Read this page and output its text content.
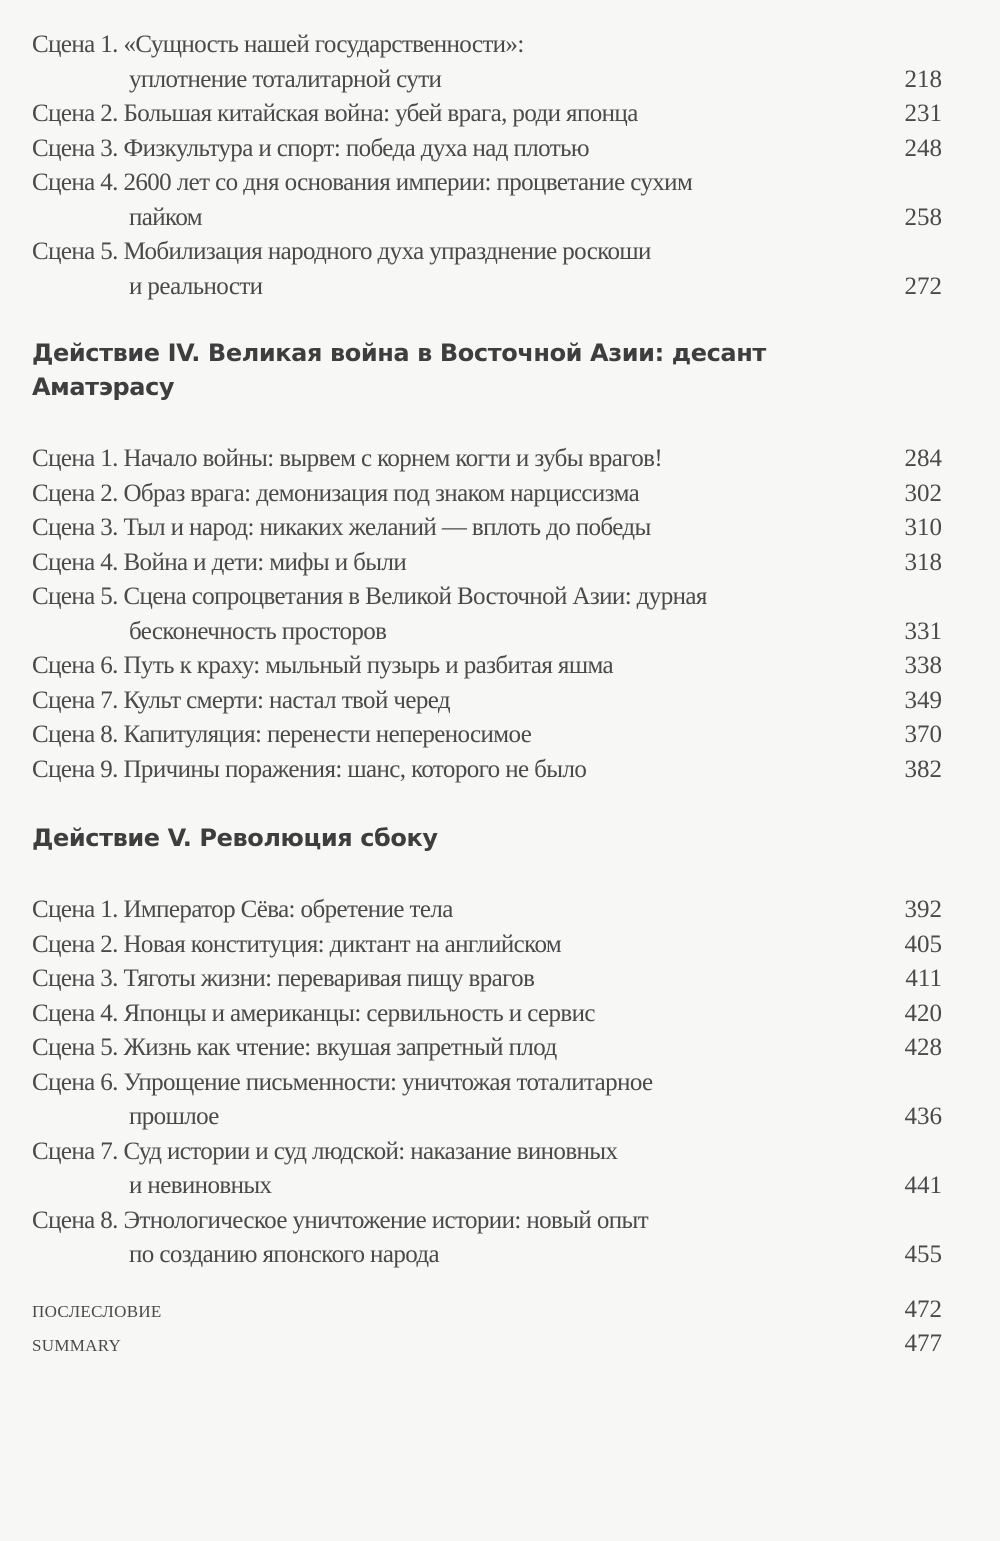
Сцена 1. «Сущность нашей государственности»:
уплотнение тоталитарной сути	218
Сцена 2. Большая китайская война: убей врага, роди японца	231
Сцена 3. Физкультура и спорт: победа духа над плотью	248
Сцена 4. 2600 лет со дня основания империи: процветание сухим
пайком	258
Сцена 5. Мобилизация народного духа упразднение роскоши
и реальности	272
Действие IV. Великая война в Восточной Азии: десант
Аматэрасу
Сцена 1. Начало войны: вырвем с корнем когти и зубы врагов!	284
Сцена 2. Образ врага: демонизация под знаком нарциссизма	302
Сцена 3. Тыл и народ: никаких желаний — вплоть до победы	310
Сцена 4. Война и дети: мифы и были	318
Сцена 5. Сцена сопроцветания в Великой Восточной Азии: дурная
бесконечность просторов	331
Сцена 6. Путь к краху: мыльный пузырь и разбитая яшма	338
Сцена 7. Культ смерти: настал твой черед	349
Сцена 8. Капитуляция: перенести непереносимое	370
Сцена 9. Причины поражения: шанс, которого не было	382
Действие V. Революция сбоку
Сцена 1. Император Сёва: обретение тела	392
Сцена 2. Новая конституция: диктант на английском	405
Сцена 3. Тяготы жизни: переваривая пищу врагов	411
Сцена 4. Японцы и американцы: сервильность и сервис	420
Сцена 5. Жизнь как чтение: вкушая запретный плод	428
Сцена 6. Упрощение письменности: уничтожая тоталитарное
прошлое	436
Сцена 7. Суд истории и суд людской: наказание виновных
и невиновных	441
Сцена 8. Этнологическое уничтожение истории: новый опыт
по созданию японского народа	455
послесловие	472
summary	477
